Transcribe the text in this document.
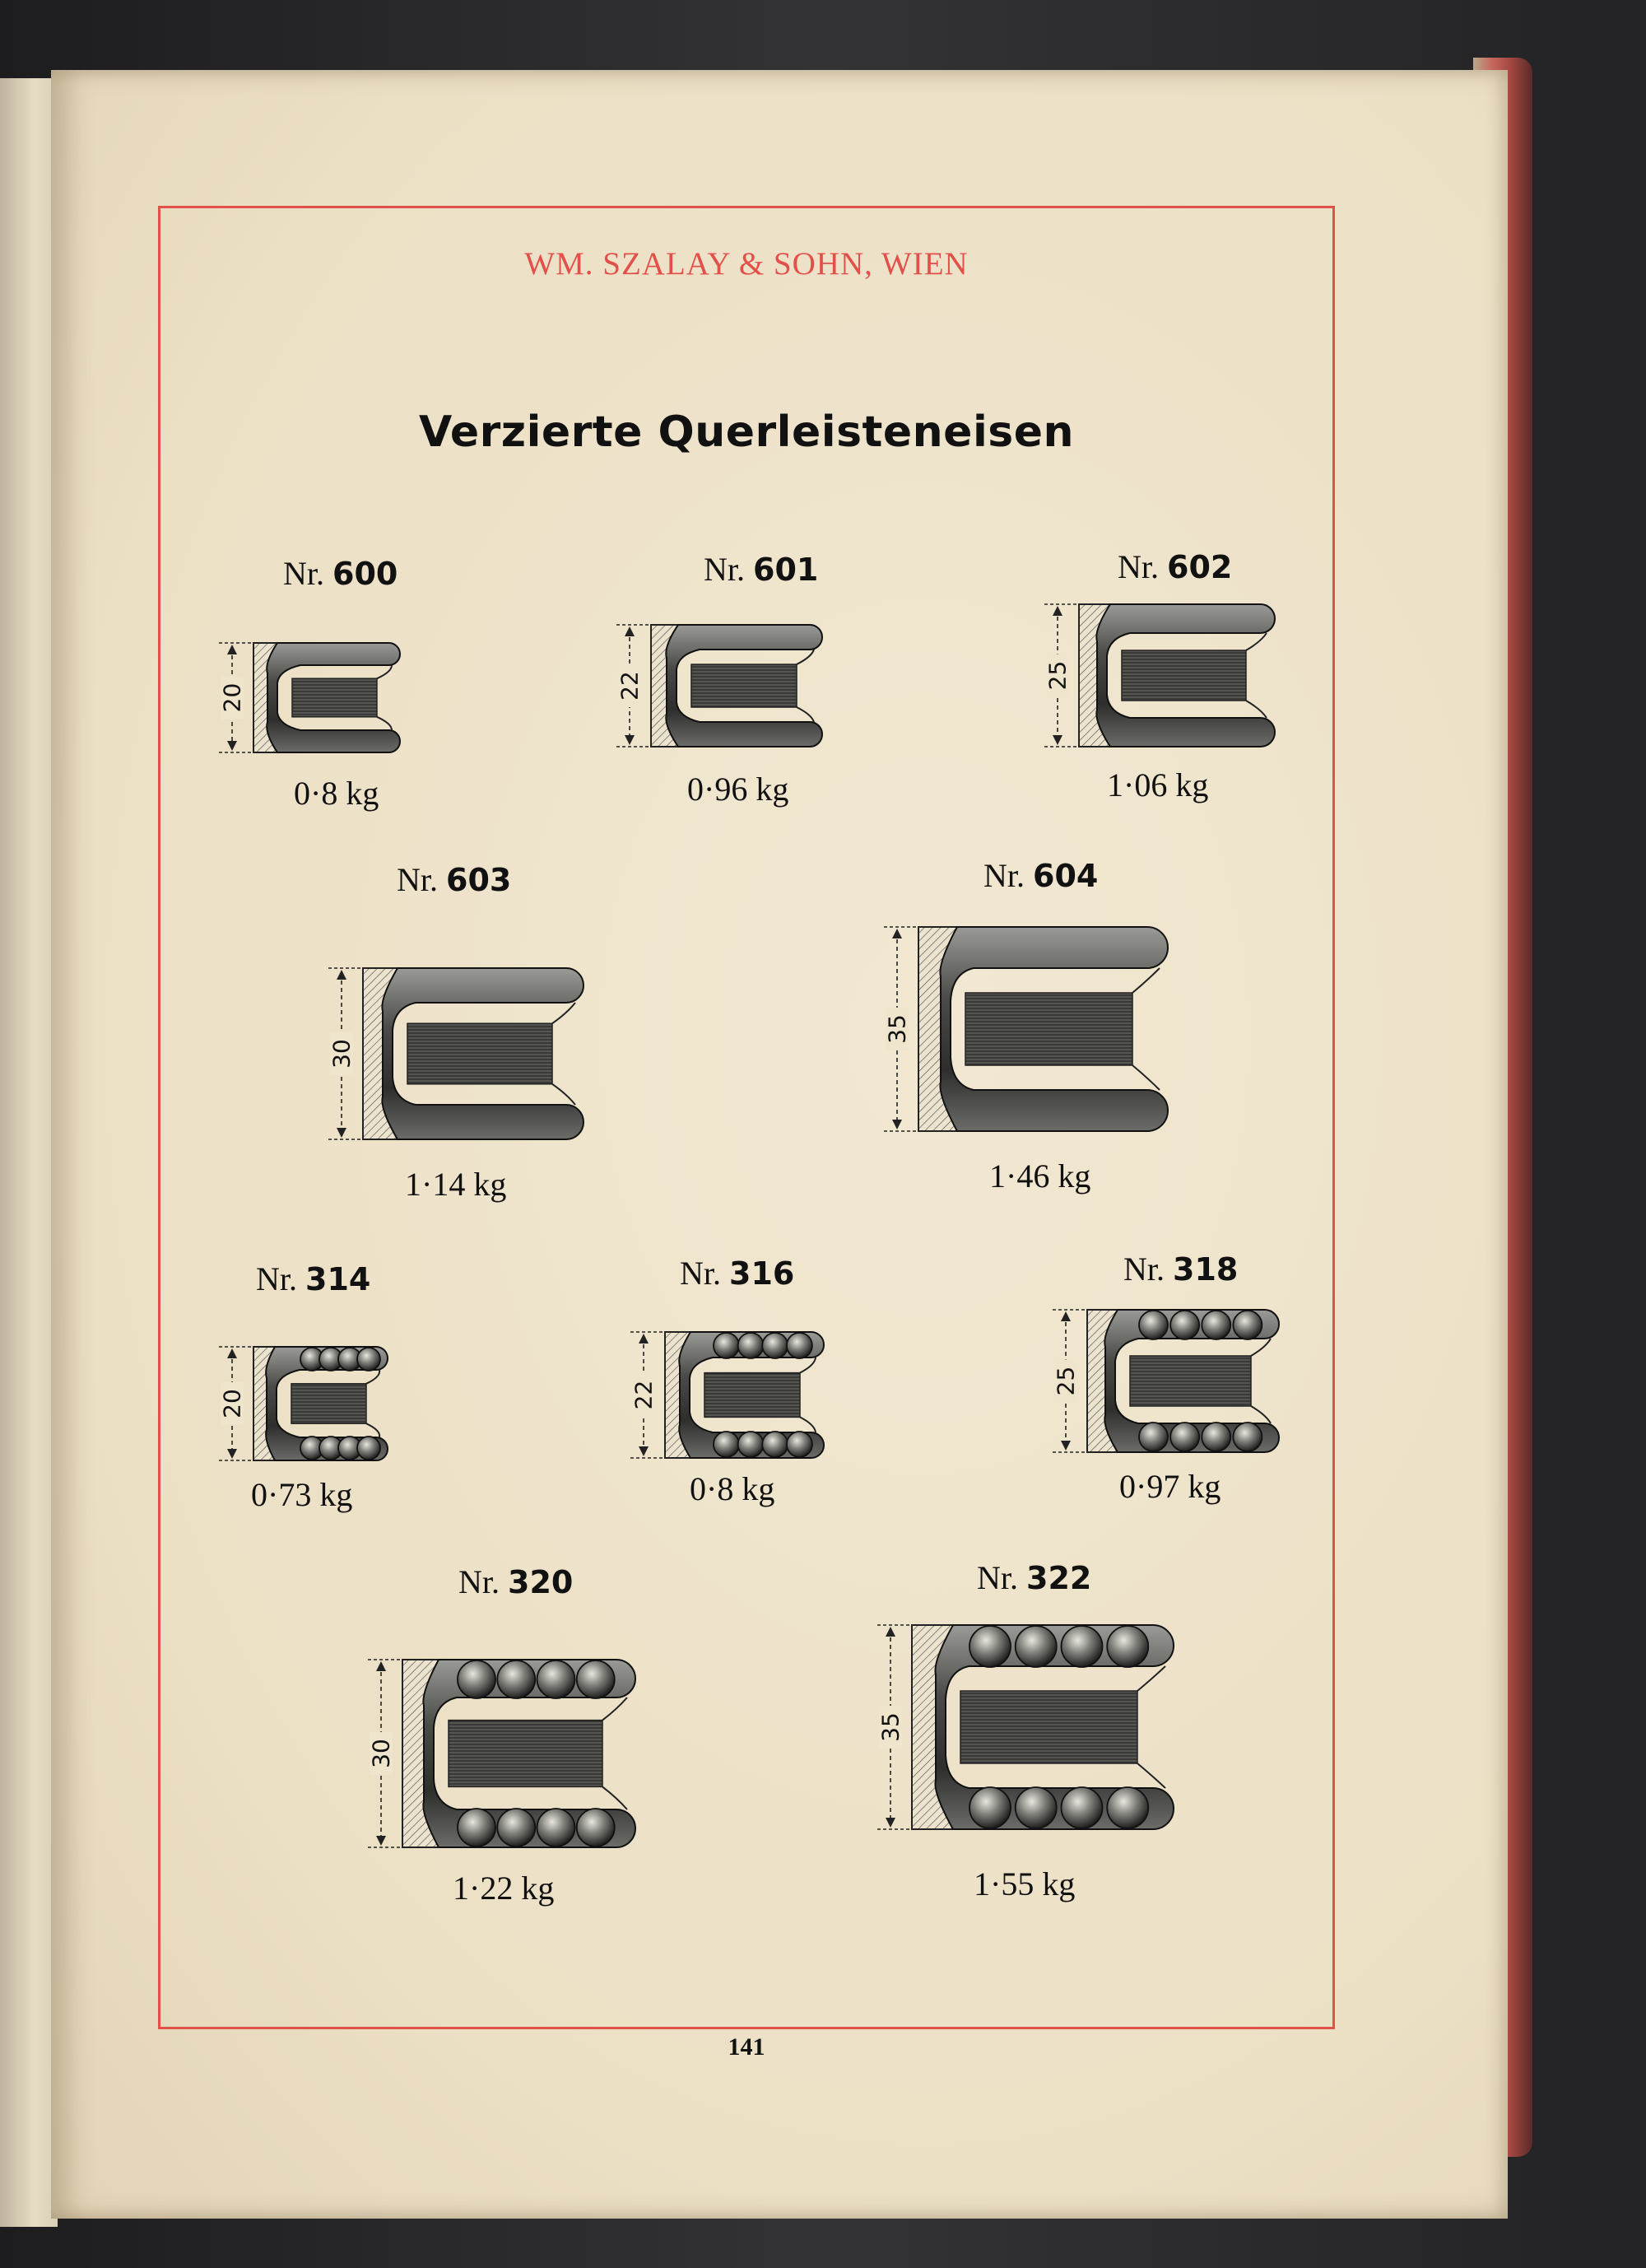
WM. SZALAY & SOHN, WIEN
Verzierte Querleisteneisen
Nr. 600
20
0·8 kg
Nr. 601
22
0·96 kg
Nr. 602
25
1·06 kg
Nr. 603
30
1·14 kg
Nr. 604
35
1·46 kg
Nr. 314
20
0·73 kg
Nr. 316
22
0·8 kg
Nr. 318
25
0·97 kg
Nr. 320
30
1·22 kg
Nr. 322
35
1·55 kg
141
